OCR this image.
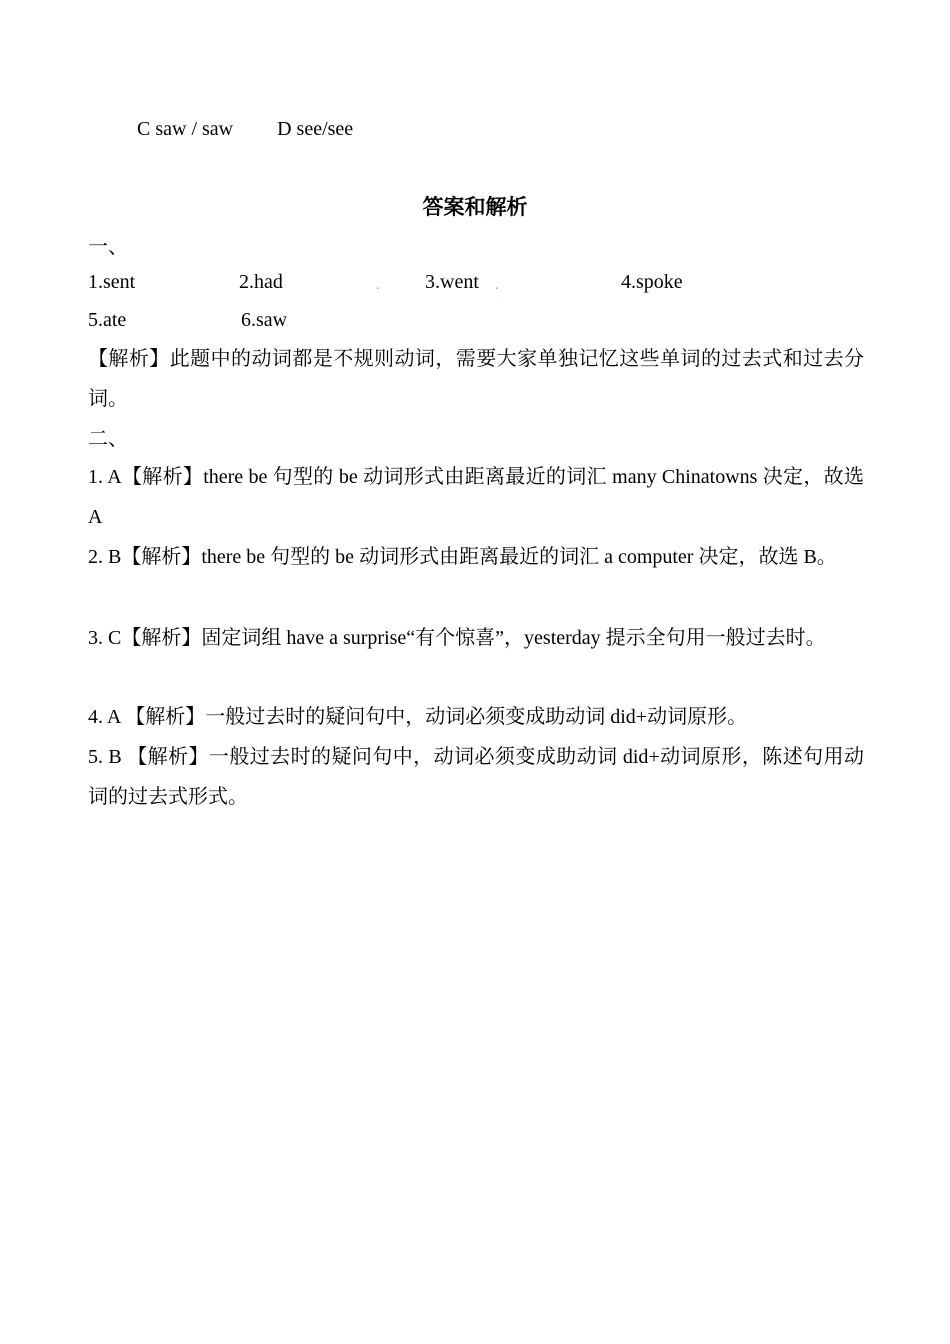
C saw / saw D see/see
答案和解析
一、
1.sent	2.had	. 3.went .	4.spoke
5.ate	6.saw
【解析】此题中的动词都是不规则动词，需要大家单独记忆这些单词的过去式和过去分词。
二、
1. A【解析】there be 句型的 be 动词形式由距离最近的词汇 many Chinatowns 决定，故选 A
2. B【解析】there be 句型的 be 动词形式由距离最近的词汇 a computer 决定，故选 B。
3. C【解析】固定词组 have a surprise“有个惊喜”，yesterday 提示全句用一般过去时。
4. A 【解析】一般过去时的疑问句中，动词必须变成助动词 did+动词原形。
5. B 【解析】一般过去时的疑问句中，动词必须变成助动词 did+动词原形，陈述句用动词的过去式形式。
